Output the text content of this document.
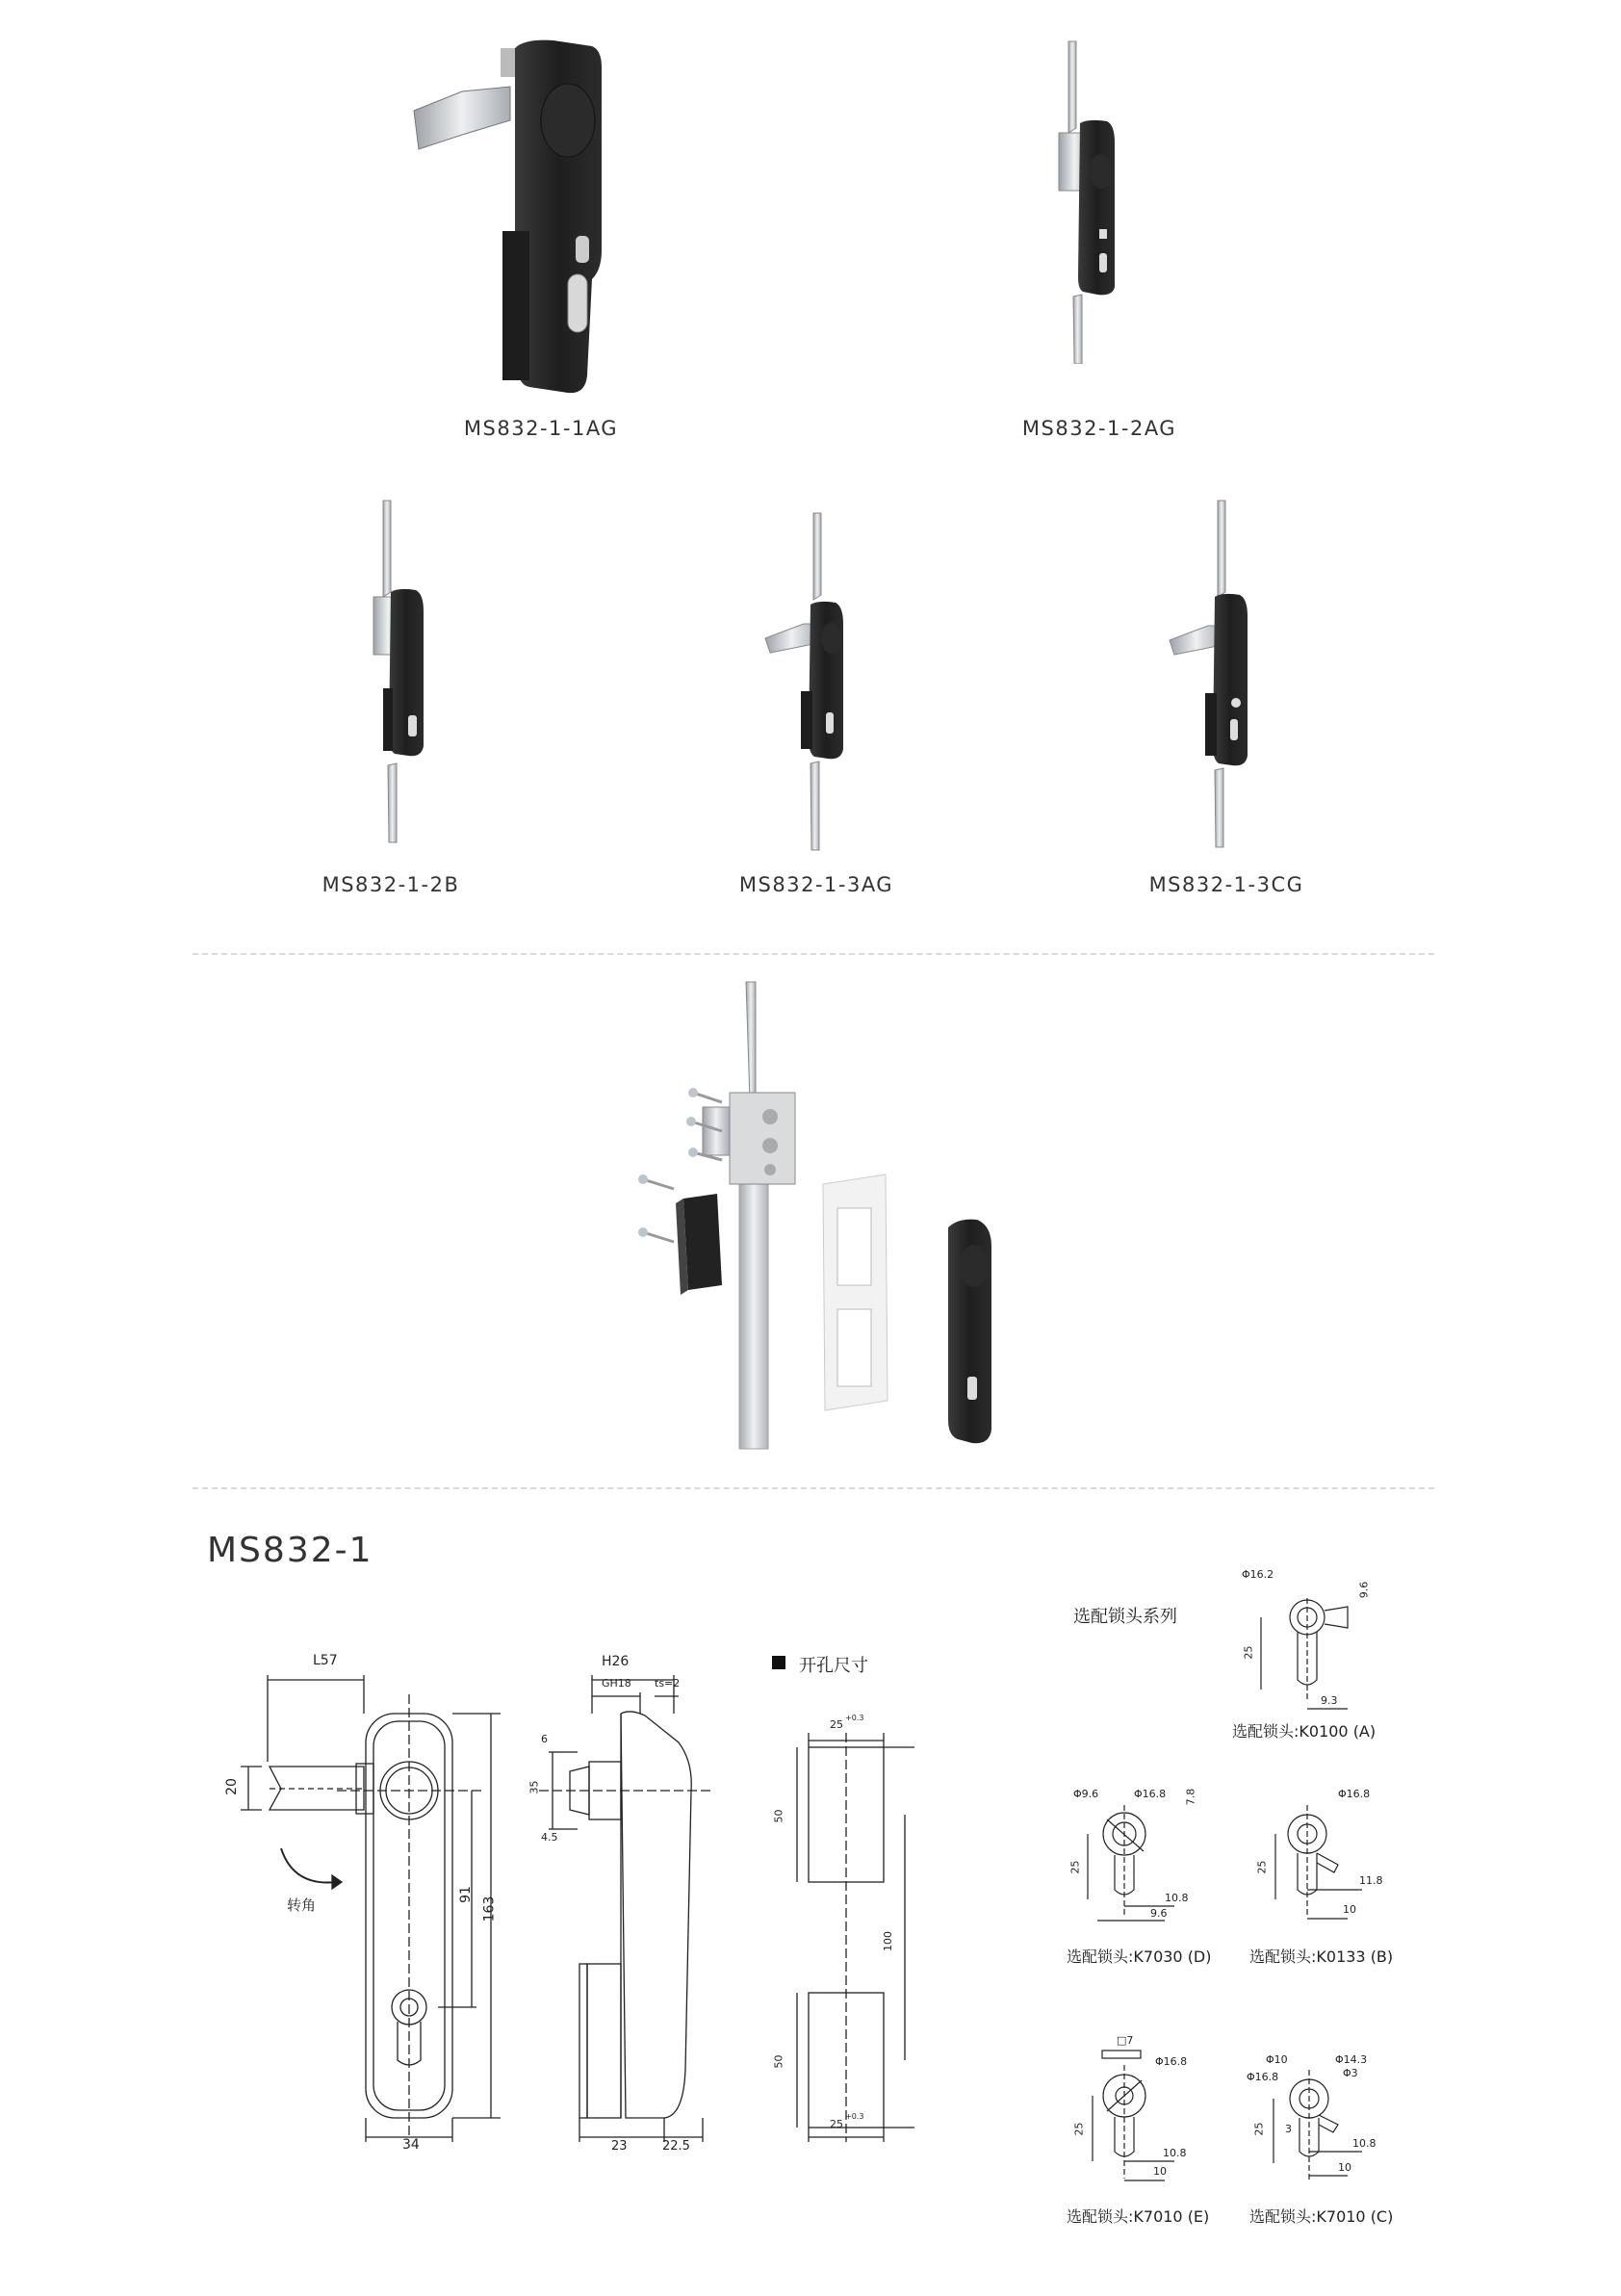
MS832-1-1AG	MS832-1-2AG
MS832-1-2B	MS832-1-3AG	MS832-1-3CG
MS832-1
L57
20
34
91
163
转角
H26
GH18 ts=2
6
35
4.5
23	22.5
开孔尺寸
25
+0.3
50
50
100
25
+0.3
选配锁头系列
Φ16.2
9.6
25
9.3
选配锁头:K0100 (A)
Φ9.6	Φ16.8 7.8
25
10.8
9.6
选配锁头:K7030 (D)
Φ16.8
25
11.8
10
选配锁头:K0133 (B)
□7
Φ16.8
25
10.8
10
选配锁头:K7010 (E)
Φ10	Φ14.3
Φ3
Φ16.8
25 3
10.8
10
选配锁头:K7010 (C)
